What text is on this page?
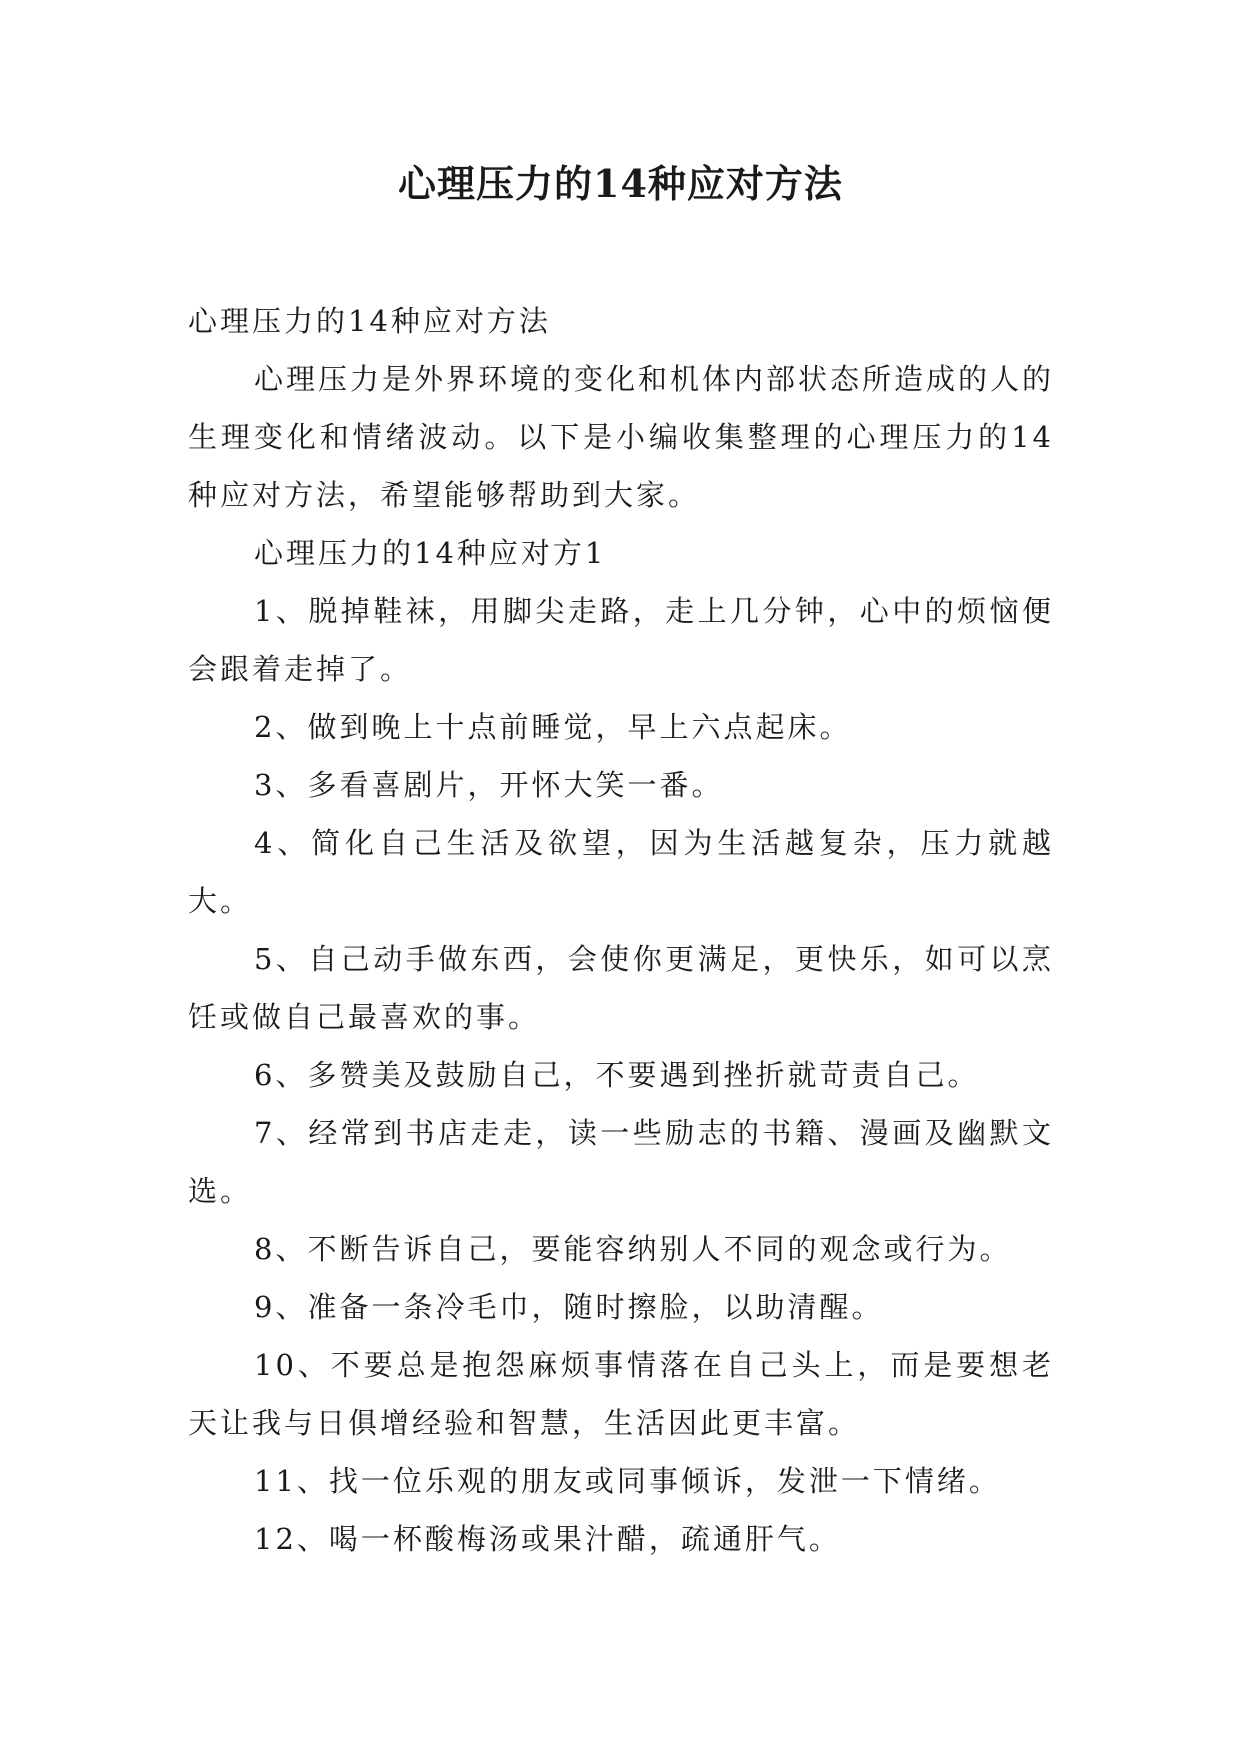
心理压力的14种应对方法

心理压力的14种应对方法

心理压力是外界环境的变化和机体内部状态所造成的人的生理变化和情绪波动。以下是小编收集整理的心理压力的14种应对方法，希望能够帮助到大家。

心理压力的14种应对方1

1、脱掉鞋袜，用脚尖走路，走上几分钟，心中的烦恼便会跟着走掉了。

2、做到晚上十点前睡觉，早上六点起床。

3、多看喜剧片，开怀大笑一番。

4、简化自己生活及欲望，因为生活越复杂，压力就越大。

5、自己动手做东西，会使你更满足，更快乐，如可以烹饪或做自己最喜欢的事。

6、多赞美及鼓励自己，不要遇到挫折就苛责自己。

7、经常到书店走走，读一些励志的书籍、漫画及幽默文选。

8、不断告诉自己，要能容纳别人不同的观念或行为。

9、准备一条冷毛巾，随时擦脸，以助清醒。

10、不要总是抱怨麻烦事情落在自己头上，而是要想老天让我与日俱增经验和智慧，生活因此更丰富。

11、找一位乐观的朋友或同事倾诉，发泄一下情绪。

12、喝一杯酸梅汤或果汁醋，疏通肝气。
